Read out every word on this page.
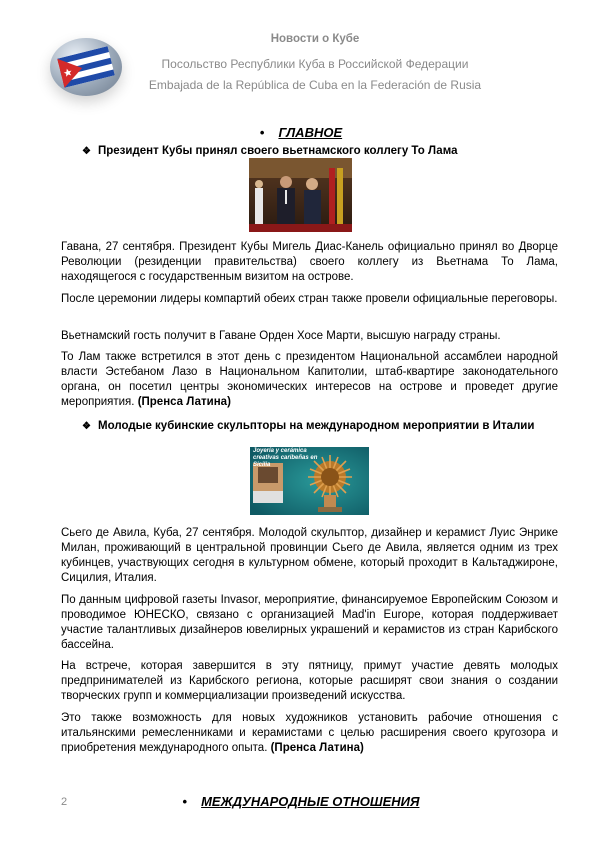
Новости о Кубе
Посольство Республики Куба в Российской Федерации
Embajada de la República de Cuba en la Federación de Rusia
• ГЛАВНОЕ
❖ Президент Кубы принял своего вьетнамского коллегу То Лама
Гавана, 27 сентября. Президент Кубы Мигель Диас-Канель официально принял во Дворце Революции (резиденции правительства) своего коллегу из Вьетнама То Лама, находящегося с государственным визитом на острове.
После церемонии лидеры компартий обеих стран также провели официальные переговоры.
Вьетнамский гость получит в Гаване Орден Хосе Марти, высшую награду страны.
То Лам также встретился в этот день с президентом Национальной ассамблеи народной власти Эстебаном Лазо в Национальном Капитолии, штаб-квартире законодательного органа, он посетил центры экономических интересов на острове и проведет другие мероприятия. (Пренса Латина)
❖ Молодые кубинские скульпторы на международном мероприятии в Италии
Joyería y cerámica creativas caribeñas en Sicilia
Сьего де Авила, Куба, 27 сентября. Молодой скульптор, дизайнер и керамист Луис Энрике Милан, проживающий в центральной провинции Сьего де Авила, является одним из трех кубинцев, участвующих сегодня в культурном обмене, который проходит в Кальтаджироне, Сицилия, Италия.
По данным цифровой газеты Invasor, мероприятие, финансируемое Европейским Союзом и проводимое ЮНЕСКО, связано с организацией Mad'in Europe, которая поддерживает участие талантливых дизайнеров ювелирных украшений и керамистов из стран Карибского бассейна.
На встрече, которая завершится в эту пятницу, примут участие девять молодых предпринимателей из Карибского региона, которые расширят свои знания о создании творческих групп и коммерциализации произведений искусства.
Это также возможность для новых художников установить рабочие отношения с итальянскими ремесленниками и керамистами с целью расширения своего кругозора и приобретения международного опыта. (Пренса Латина)
2	• МЕЖДУНАРОДНЫЕ ОТНОШЕНИЯ
